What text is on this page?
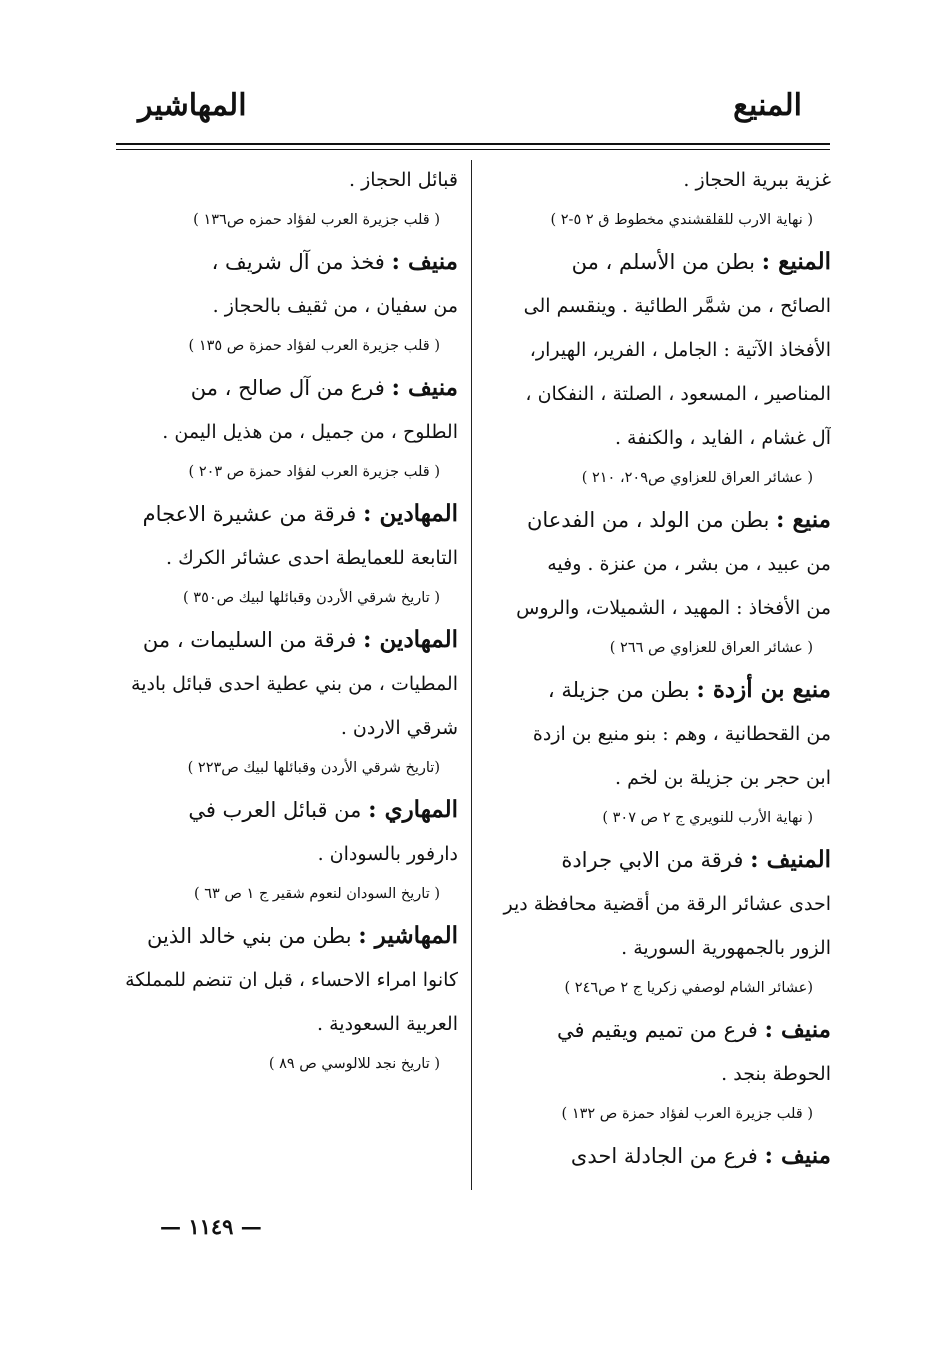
المنيع
المهاشير
غزية ببرية الحجاز .
( نهاية الارب للقلقشندي مخطوط ق ٢ ٥-٢ )
المنيع : بطن من الأسلم ، من
الصائح ، من شمَّر الطائية . وينقسم الى
الأفخاذ الآتية : الجامل ، الفرير، الهيرار،
المناصير ، المسعود ، الصلتة ، النفكان ،
آل غشام ، الفايد ، والكنفة .
( عشائر العراق للعزاوي ص٢٠٩، ٢١٠ )
منيع : بطن من الولد ، من الفدعان
من عبيد ، من بشر ، من عنزة . وفيه
من الأفخاذ : المهيد ، الشميلات، والروس
( عشائر العراق للعزاوي ص ٢٦٦ )
منيع بن أزدة : بطن من جزيلة ،
من القحطانية ، وهم : بنو منيع بن ازدة
ابن حجر بن جزيلة بن لخم .
( نهاية الأرب للنويري ج ٢ ص ٣٠٧ )
المنيف : فرقة من الابي جرادة
احدى عشائر الرقة من أقضية محافظة دير
الزور بالجمهورية السورية .
(عشائر الشام لوصفي زكريا ج ٢ ص٢٤٦ )
منيف : فرع من تميم ويقيم في
الحوطة بنجد .
( قلب جزيرة العرب لفؤاد حمزة ص ١٣٢ )
منيف : فرع من الجادلة احدى
قبائل الحجاز .
( قلب جزيرة العرب لفؤاد حمزه ص١٣٦ )
منيف : فخذ من آل شريف ،
من سفيان ، من ثقيف بالحجاز .
( قلب جزيرة العرب لفؤاد حمزة ص ١٣٥ )
منيف : فرع من آل صالح ، من
الطلوح ، من جميل ، من هذيل اليمن .
( قلب جزيرة العرب لفؤاد حمزة ص ٢٠٣ )
المهادين : فرقة من عشيرة الاعجام
التابعة للعمايطة احدى عشائر الكرك .
( تاريخ شرقي الأردن وقبائلها لبيك ص٣٥٠ )
المهادين : فرقة من السليمات ، من
المطيات ، من بني عطية احدى قبائل بادية
شرقي الاردن .
(تاريخ شرقي الأردن وقبائلها لبيك ص٢٢٣ )
المهاري : من قبائل العرب في
دارفور بالسودان .
( تاريخ السودان لنعوم شقير ج ١ ص ٦٣ )
المهاشير : بطن من بني خالد الذين
كانوا امراء الاحساء ، قبل ان تنضم للمملكة
العربية السعودية .
( تاريخ نجد للالوسي ص ٨٩ )
— ١١٤٩ —
